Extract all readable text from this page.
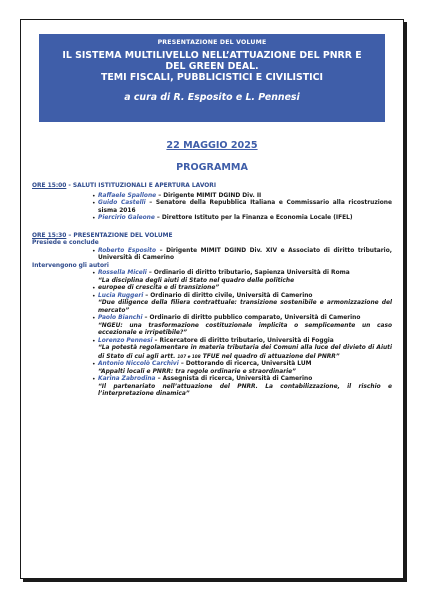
PRESENTAZIONE DEL VOLUME
IL SISTEMA MULTILIVELLO NELL’ATTUAZIONE DEL PNRR E
DEL GREEN DEAL.
TEMI FISCALI, PUBBLICISTICI E CIVILISTICI
a cura di R. Esposito e L. Pennesi
22 MAGGIO 2025
PROGRAMMA
ORE 15:00 - SALUTI ISTITUZIONALI E APERTURA LAVORI
• Raffaele Spallone – Dirigente MIMIT DGIND Div. II
• Guido Castelli – Senatore della Repubblica Italiana e Commissario alla ricostruzione sisma 2016
• Piercirio Galeone – Direttore Istituto per la Finanza e Economia Locale (IFEL)
ORE 15:30 – PRESENTAZIONE DEL VOLUME
Presiede e conclude
• Roberto Esposito – Dirigente MIMIT DGIND Div. XIV e Associato di diritto tributario, Università di Camerino
Intervengono gli autori
• Rossella Miceli – Ordinario di diritto tributario, Sapienza Università di Roma
“La disciplina degli aiuti di Stato nel quadro delle politiche
• europee di crescita e di transizione”
• Lucia Ruggeri – Ordinario di diritto civile, Università di Camerino
“Due diligence della filiera contrattuale: transizione sostenibile e armonizzazione del mercato”
• Paolo Bianchi – Ordinario di diritto pubblico comparato, Università di Camerino
“NGEU: una trasformazione costituzionale implicita o semplicemente un caso eccezionale e irripetibile?”
• Lorenzo Pennesi – Ricercatore di diritto tributario, Università di Foggia
“La potestà regolamentare in materia tributaria dei Comuni alla luce del divieto di Aiuti di Stato di cui agli artt. 107 e 108 TFUE nel quadro di attuazione del PNRR”
• Antonio Niccolò Carchivi – Dottorando di ricerca, Università LUM
“Appalti locali e PNRR: tra regole ordinarie e straordinarie”
• Karina Zabrodina – Assegnista di ricerca, Università di Camerino
“Il partenariato nell’attuazione del PNRR. La contabilizzazione, il rischio e l’interpretazione dinamica”
